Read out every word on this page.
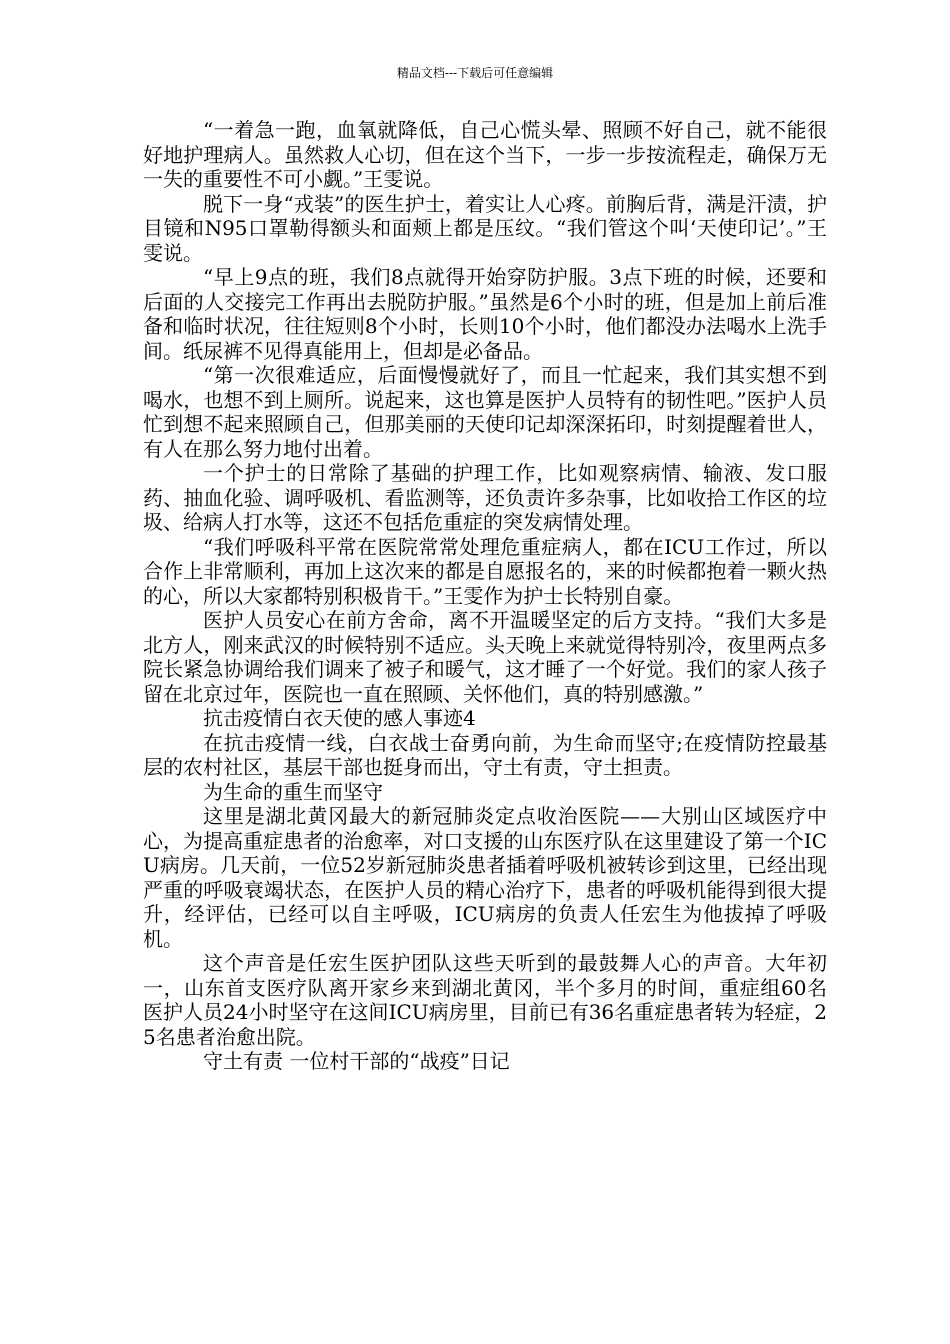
精品文档---下载后可任意编辑

“一着急一跑，血氧就降低，自己心慌头晕、照顾不好自己，就不能很好地护理病人。虽然救人心切，但在这个当下，一步一步按流程走，确保万无一失的重要性不可小觑。”王雯说。

脱下一身“戎装”的医生护士，着实让人心疼。前胸后背，满是汗渍，护目镜和N95口罩勒得额头和面颊上都是压纹。“我们管这个叫‘天使印记’。”王雯说。

“早上9点的班，我们8点就得开始穿防护服。3点下班的时候，还要和后面的人交接完工作再出去脱防护服。”虽然是6个小时的班，但是加上前后准备和临时状况，往往短则8个小时，长则10个小时，他们都没办法喝水上洗手间。纸尿裤不见得真能用上，但却是必备品。

“第一次很难适应，后面慢慢就好了，而且一忙起来，我们其实想不到喝水，也想不到上厕所。说起来，这也算是医护人员特有的韧性吧。”医护人员忙到想不起来照顾自己，但那美丽的天使印记却深深拓印，时刻提醒着世人，有人在那么努力地付出着。

一个护士的日常除了基础的护理工作，比如观察病情、输液、发口服药、抽血化验、调呼吸机、看监测等，还负责许多杂事，比如收拾工作区的垃圾、给病人打水等，这还不包括危重症的突发病情处理。

“我们呼吸科平常在医院常常处理危重症病人，都在ICU工作过，所以合作上非常顺利，再加上这次来的都是自愿报名的，来的时候都抱着一颗火热的心，所以大家都特别积极肯干。”王雯作为护士长特别自豪。

医护人员安心在前方舍命，离不开温暖坚定的后方支持。“我们大多是北方人，刚来武汉的时候特别不适应。头天晚上来就觉得特别冷，夜里两点多院长紧急协调给我们调来了被子和暖气，这才睡了一个好觉。我们的家人孩子留在北京过年，医院也一直在照顾、关怀他们，真的特别感激。”

抗击疫情白衣天使的感人事迹4

在抗击疫情一线，白衣战士奋勇向前，为生命而坚守;在疫情防控最基层的农村社区，基层干部也挺身而出，守土有责，守土担责。

为生命的重生而坚守

这里是湖北黄冈最大的新冠肺炎定点收治医院——大别山区域医疗中心，为提高重症患者的治愈率，对口支援的山东医疗队在这里建设了第一个ICU病房。几天前，一位52岁新冠肺炎患者插着呼吸机被转诊到这里，已经出现严重的呼吸衰竭状态，在医护人员的精心治疗下，患者的呼吸机能得到很大提升，经评估，已经可以自主呼吸，ICU病房的负责人任宏生为他拔掉了呼吸机。

这个声音是任宏生医护团队这些天听到的最鼓舞人心的声音。大年初一，山东首支医疗队离开家乡来到湖北黄冈，半个多月的时间，重症组60名医护人员24小时坚守在这间ICU病房里，目前已有36名重症患者转为轻症，25名患者治愈出院。

守土有责 一位村干部的“战疫”日记
